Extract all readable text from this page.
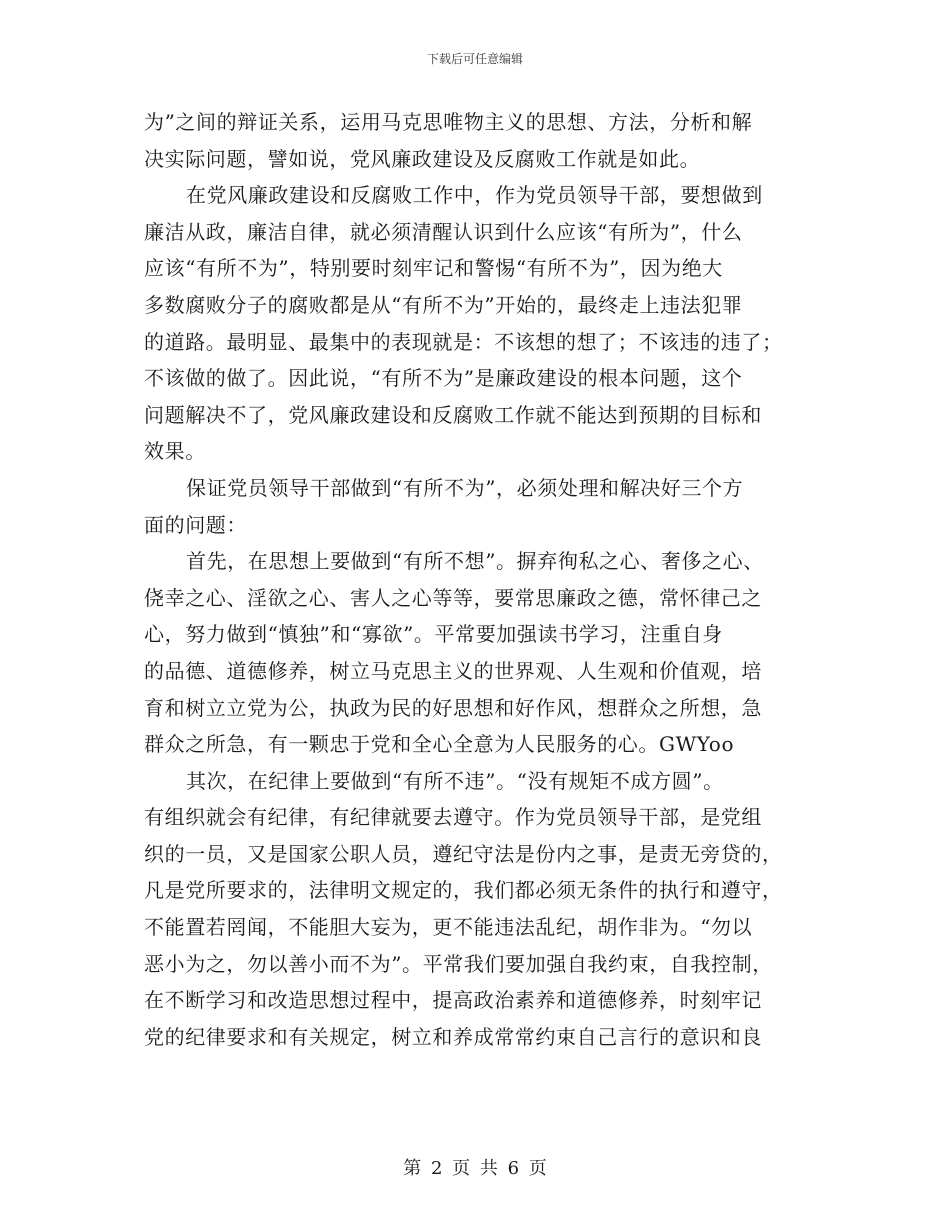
下载后可任意编辑
为”之间的辩证关系，运用马克思唯物主义的思想、方法，分析和解
决实际问题，譬如说，党风廉政建设及反腐败工作就是如此。
在党风廉政建设和反腐败工作中，作为党员领导干部，要想做到
廉洁从政，廉洁自律，就必须清醒认识到什么应该“有所为”，什么
应该“有所不为”，特别要时刻牢记和警惕“有所不为”，因为绝大
多数腐败分子的腐败都是从“有所不为”开始的，最终走上违法犯罪
的道路。最明显、最集中的表现就是：不该想的想了；不该违的违了；
不该做的做了。因此说，“有所不为”是廉政建设的根本问题，这个
问题解决不了，党风廉政建设和反腐败工作就不能达到预期的目标和
效果。
保证党员领导干部做到“有所不为”，必须处理和解决好三个方
面的问题：
首先，在思想上要做到“有所不想”。摒弃徇私之心、奢侈之心、
侥幸之心、淫欲之心、害人之心等等，要常思廉政之德，常怀律己之
心，努力做到“慎独”和“寡欲”。平常要加强读书学习，注重自身
的品德、道德修养，树立马克思主义的世界观、人生观和价值观，培
育和树立立党为公，执政为民的好思想和好作风，想群众之所想，急
群众之所急，有一颗忠于党和全心全意为人民服务的心。GWYoo
其次，在纪律上要做到“有所不违”。“没有规矩不成方圆”。
有组织就会有纪律，有纪律就要去遵守。作为党员领导干部，是党组
织的一员，又是国家公职人员，遵纪守法是份内之事，是责无旁贷的，
凡是党所要求的，法律明文规定的，我们都必须无条件的执行和遵守，
不能置若罔闻，不能胆大妄为，更不能违法乱纪，胡作非为。“勿以
恶小为之，勿以善小而不为”。平常我们要加强自我约束，自我控制，
在不断学习和改造思想过程中，提高政治素养和道德修养，时刻牢记
党的纪律要求和有关规定，树立和养成常常约束自己言行的意识和良
第 2 页 共 6 页
